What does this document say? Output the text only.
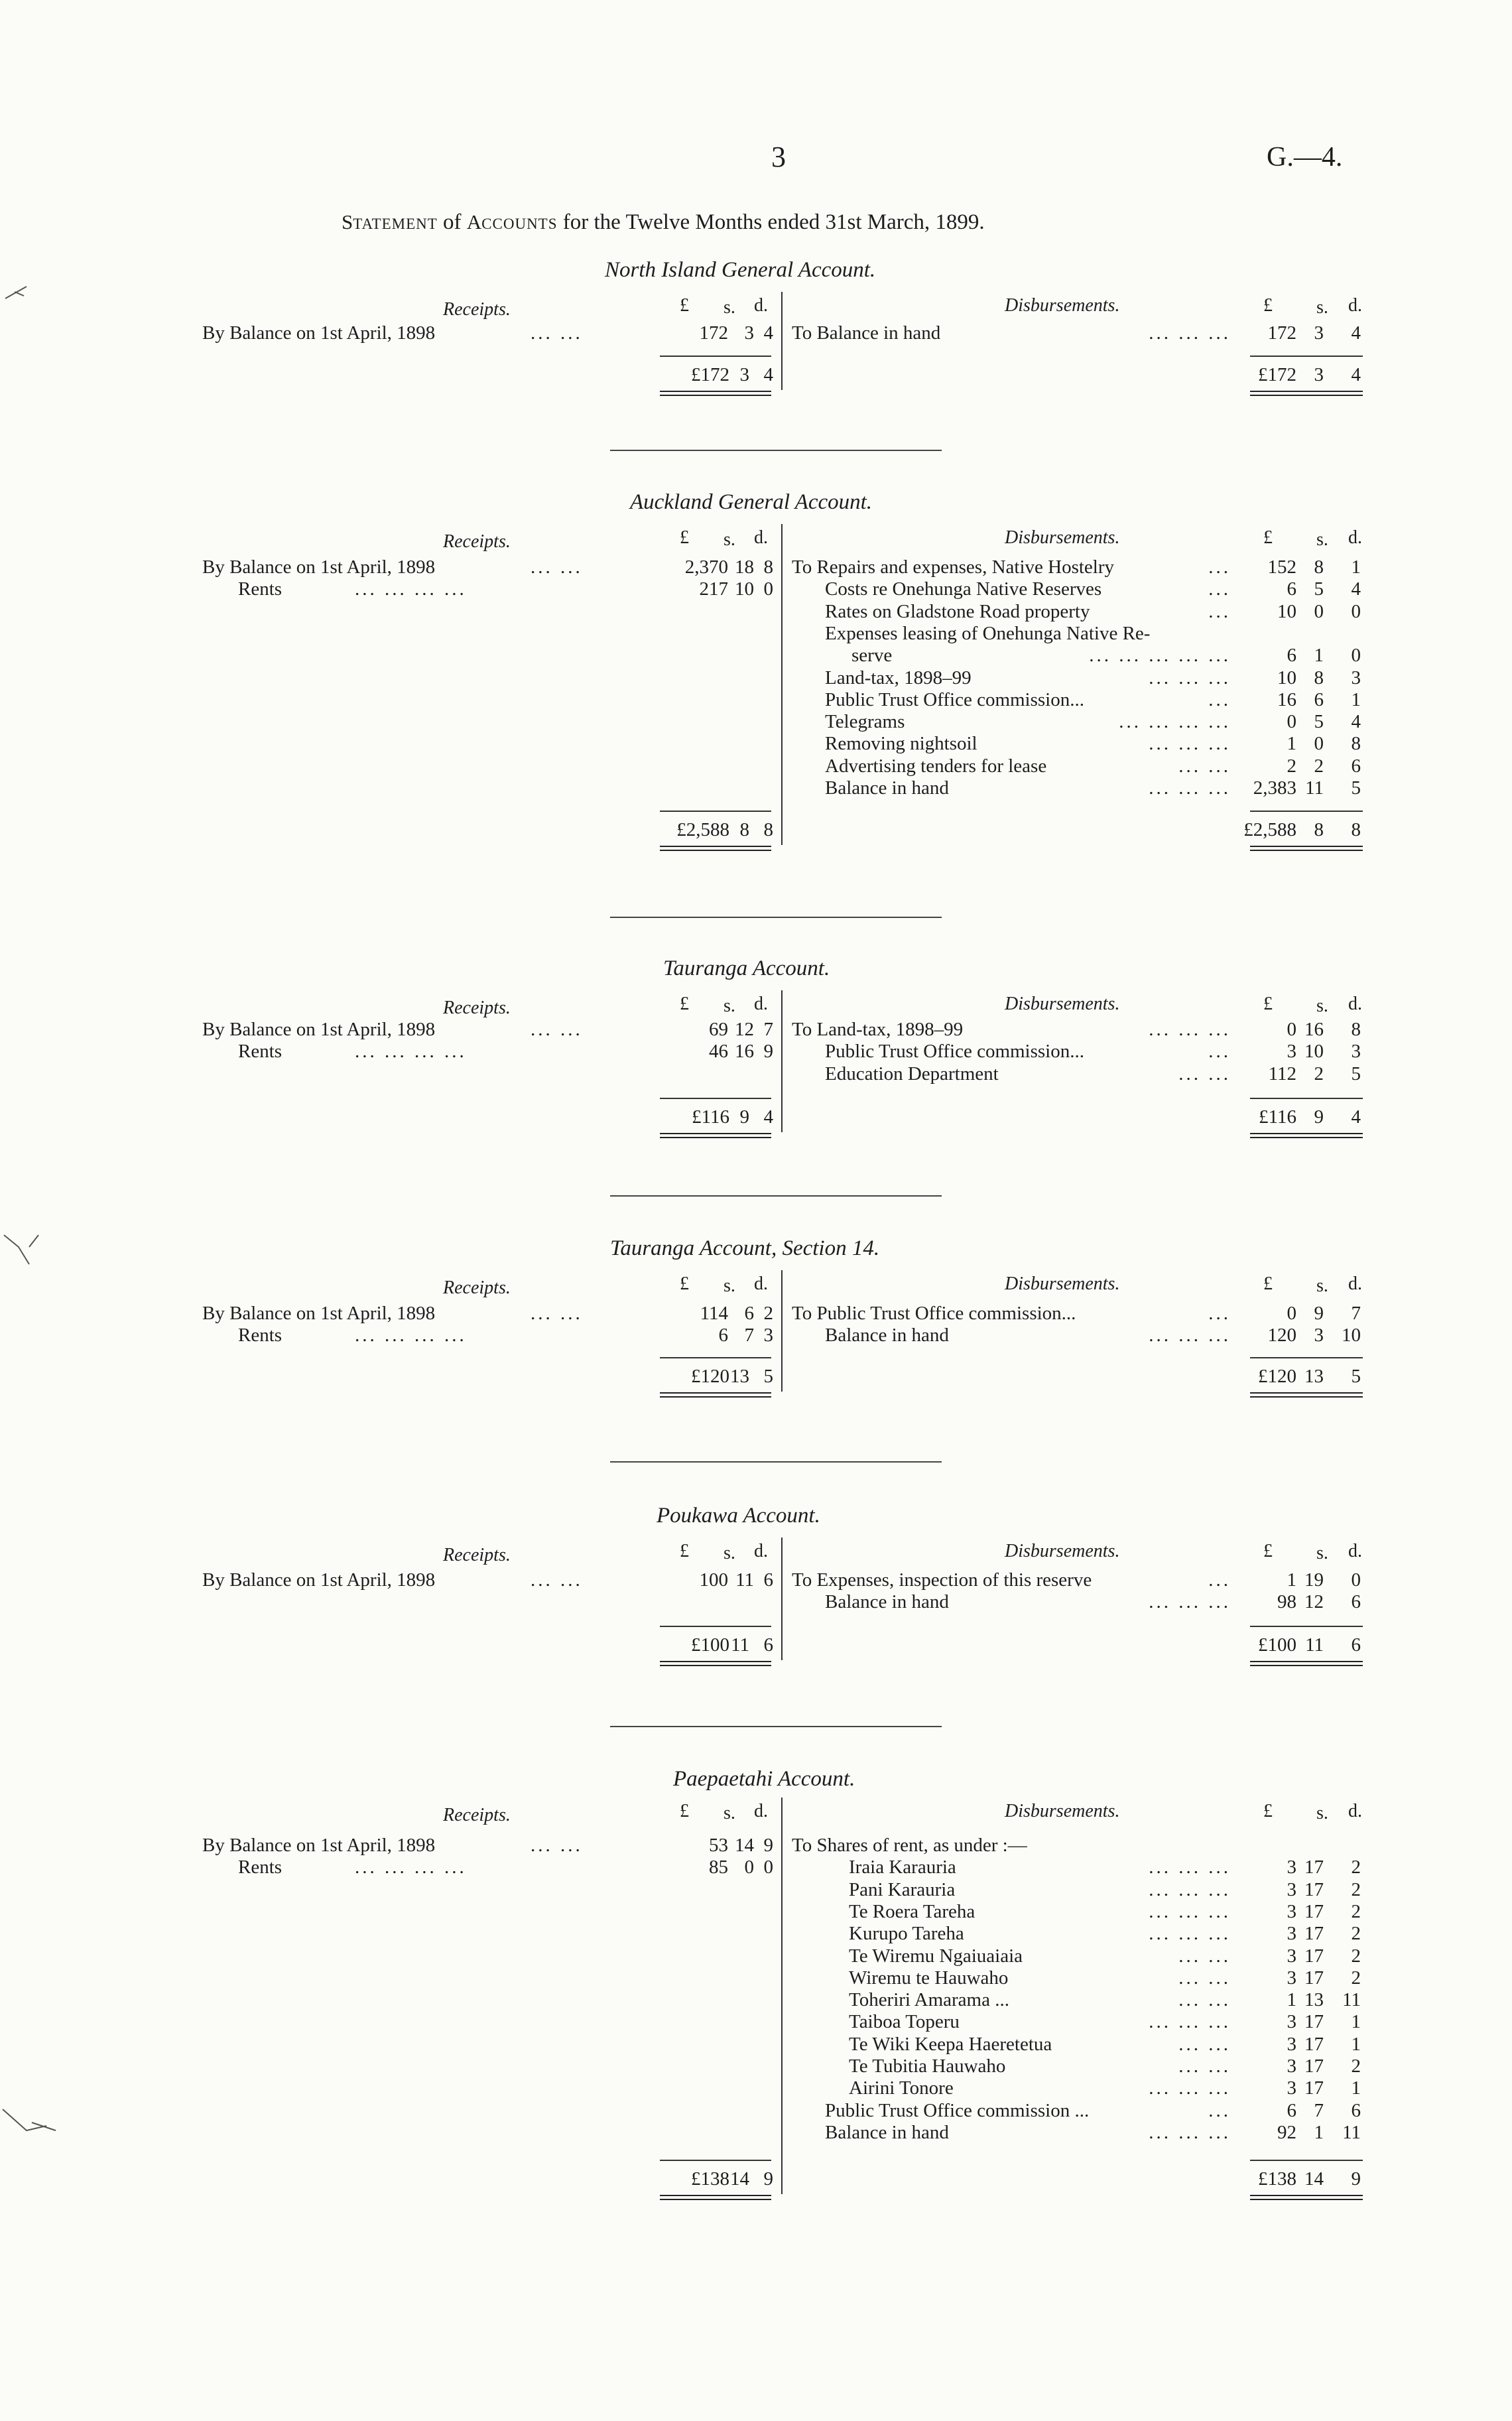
3	G.—4.
STATEMENT of ACCOUNTS for the Twelve Months ended 31st March, 1899.
North Island General Account.
Receipts.	£ s. d.	Disbursements.	£ s. d.
By Balance on 1st April, 1898	... ...	172 3 4 To Balance in hand	... ... ... 172 3 4
£172 3 4	£172 3 4
Auckland General Account.
Receipts.	£ s. d.	Disbursements.	£ s. d.
By Balance on 1st April, 1898	... ...	2,370 18 8
Rents	... ... ... ...	217 10 0
To Repairs and expenses, Native Hostelry	... 152 8 1
Costs re Onehunga Native Reserves	...	6 5 4
Rates on Gladstone Road property	... 10 0 0
Expenses leasing of Onehunga Native Re-
serve	... ... ... ... ...	6 1 0
Land-tax, 1898–99	... ... ... 10 8 3
Public Trust Office commission...	... 16 6 1
Telegrams	... ... ... ...	0 5 4
Removing nightsoil	... ... ...	1 0 8
Advertising tenders for lease	... ...	2 2 6
Balance in hand	... ... ... 2,383 11 5
£2,588 8 8	£2,588 8 8
Tauranga Account.
Receipts.	£ s. d.	Disbursements.	£ s. d.
By Balance on 1st April, 1898	... ...	69 12 7
Rents	... ... ... ...	46 16 9
To Land-tax, 1898–99	... ... ...	0 16 8
Public Trust Office commission...	...	3 10 3
Education Department	... ... 112 2 5
£116 9 4	£116 9 4
Tauranga Account, Section 14.
Receipts.	£ s. d.	Disbursements.	£ s. d.
By Balance on 1st April, 1898	... ...	114 6 2
Rents	... ... ... ...	6 7 3
To Public Trust Office commission...	...	0 9 7
Balance in hand	... ... ... 120 3 10
£120 13 5	£120 13 5
Poukawa Account.
Receipts.	£ s. d.	Disbursements.	£ s. d.
By Balance on 1st April, 1898	... ...	100 11 6 To Expenses, inspection of this reserve	...	1 19 0
Balance in hand	... ... ... 98 12 6
£100 11 6	£100 11 6
Paepaetahi Account.
Receipts.	£ s. d.	Disbursements.	£ s. d.
By Balance on 1st April, 1898	... ...	53 14 9
Rents	... ... ... ...	85 0 0
To Shares of rent, as under :—
Iraia Karauria	... ... ...	3 17 2
Pani Karauria	... ... ...	3 17 2
Te Roera Tareha	... ... ...	3 17 2
Kurupo Tareha	... ... ...	3 17 2
Te Wiremu Ngaiuaiaia	... ...	3 17 2
Wiremu te Hauwaho	... ...	3 17 2
Toheriri Amarama ...	... ...	1 13 11
Taiboa Toperu	... ... ...	3 17 1
Te Wiki Keepa Haeretetua	... ...	3 17 1
Te Tubitia Hauwaho	... ...	3 17 2
Airini Tonore	... ... ...	3 17 1
Public Trust Office commission ...	...	6 7 6
Balance in hand	... ... ... 92 1 11
£138 14 9	£138 14 9
